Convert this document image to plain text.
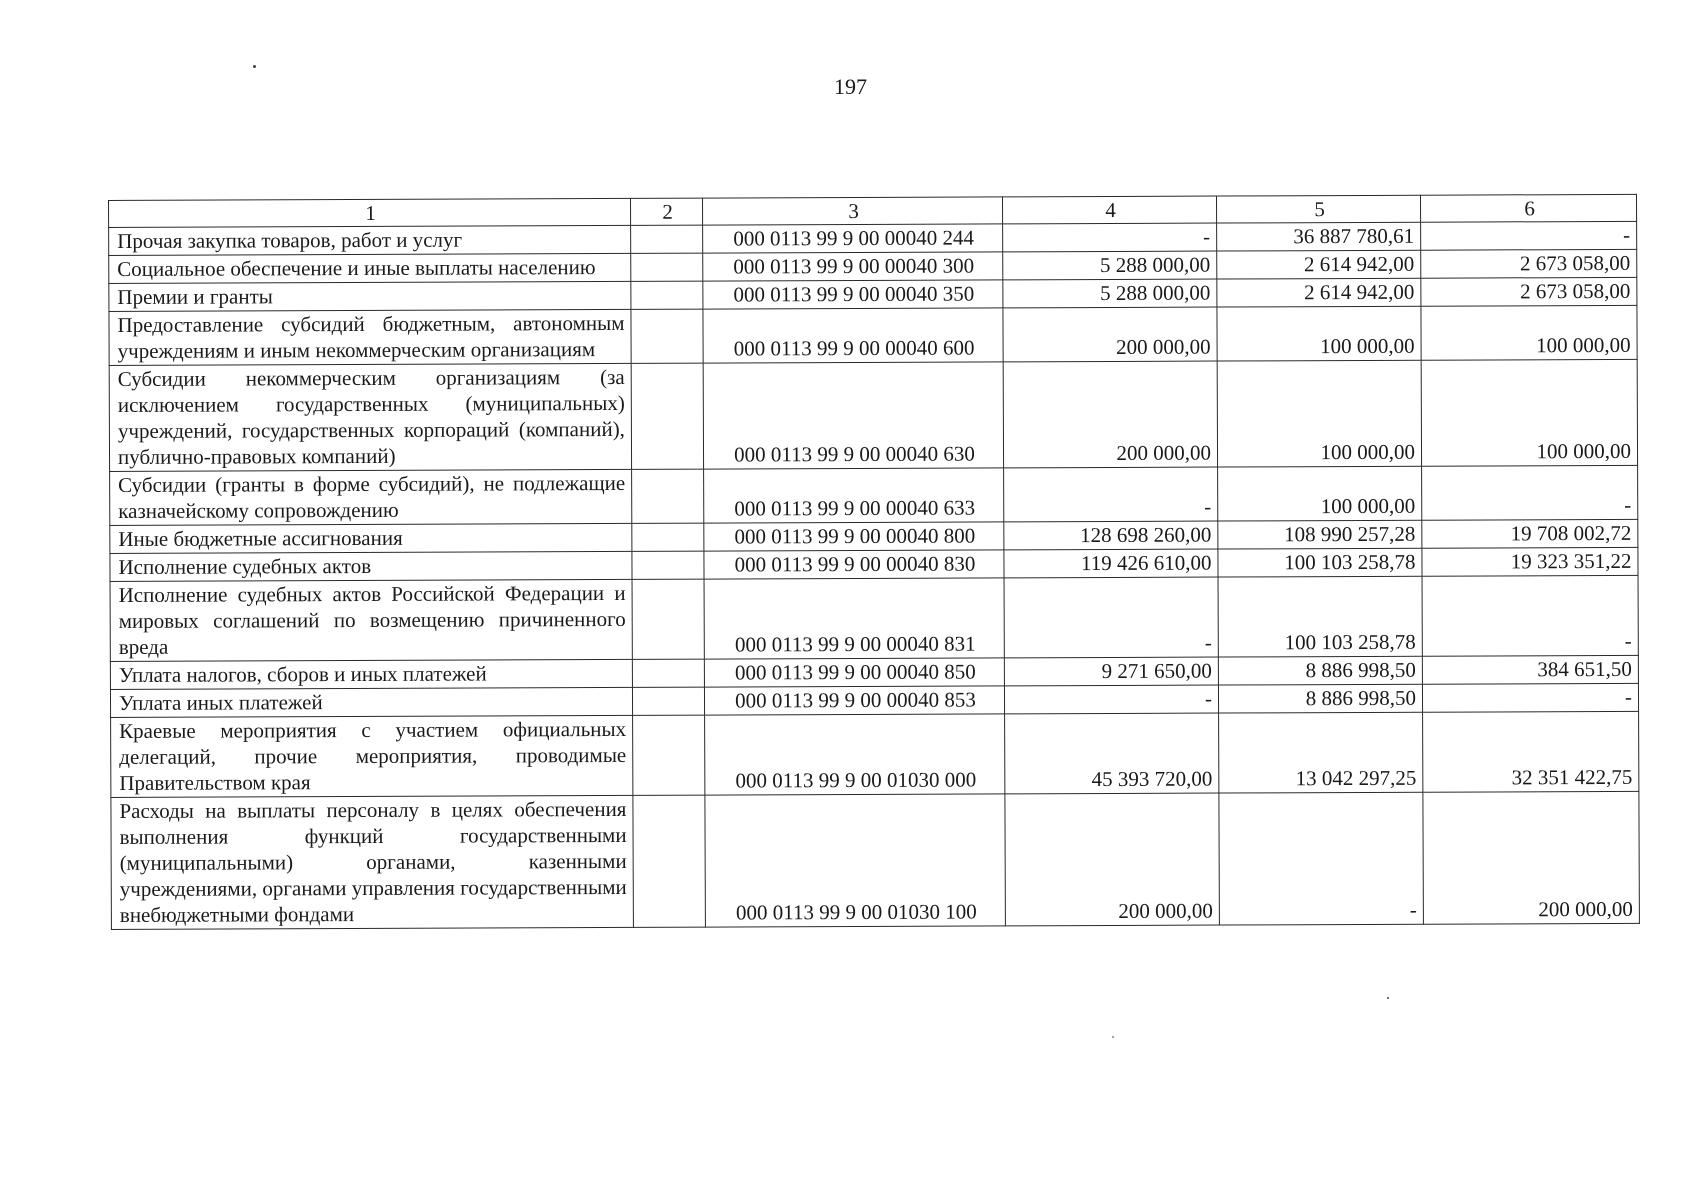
197
1	2	3	4	5	6
Прочая закупка товаров, работ и услуг		000 0113 99 9 00 00040 244	-	36 887 780,61	-
Социальное обеспечение и иные выплаты населению		000 0113 99 9 00 00040 300	5 288 000,00	2 614 942,00	2 673 058,00
Премии и гранты		000 0113 99 9 00 00040 350	5 288 000,00	2 614 942,00	2 673 058,00
Предоставление субсидий бюджетным, автономным учреждениям и иным некоммерческим организациям		000 0113 99 9 00 00040 600	200 000,00	100 000,00	100 000,00
Субсидии некоммерческим организациям (за исключением государственных (муниципальных) учреждений, государственных корпораций (компаний), публично-правовых компаний)		000 0113 99 9 00 00040 630	200 000,00	100 000,00	100 000,00
Субсидии (гранты в форме субсидий), не подлежащие казначейскому сопровождению		000 0113 99 9 00 00040 633	-	100 000,00	-
Иные бюджетные ассигнования		000 0113 99 9 00 00040 800	128 698 260,00	108 990 257,28	19 708 002,72
Исполнение судебных актов		000 0113 99 9 00 00040 830	119 426 610,00	100 103 258,78	19 323 351,22
Исполнение судебных актов Российской Федерации и мировых соглашений по возмещению причиненного вреда		000 0113 99 9 00 00040 831	-	100 103 258,78	-
Уплата налогов, сборов и иных платежей		000 0113 99 9 00 00040 850	9 271 650,00	8 886 998,50	384 651,50
Уплата иных платежей		000 0113 99 9 00 00040 853	-	8 886 998,50	-
Краевые мероприятия с участием официальных делегаций, прочие мероприятия, проводимые Правительством края		000 0113 99 9 00 01030 000	45 393 720,00	13 042 297,25	32 351 422,75
Расходы на выплаты персоналу в целях обеспечения выполнения функций государственными (муниципальными) органами, казенными учреждениями, органами управления государственными внебюджетными фондами		000 0113 99 9 00 01030 100	200 000,00	-	200 000,00
